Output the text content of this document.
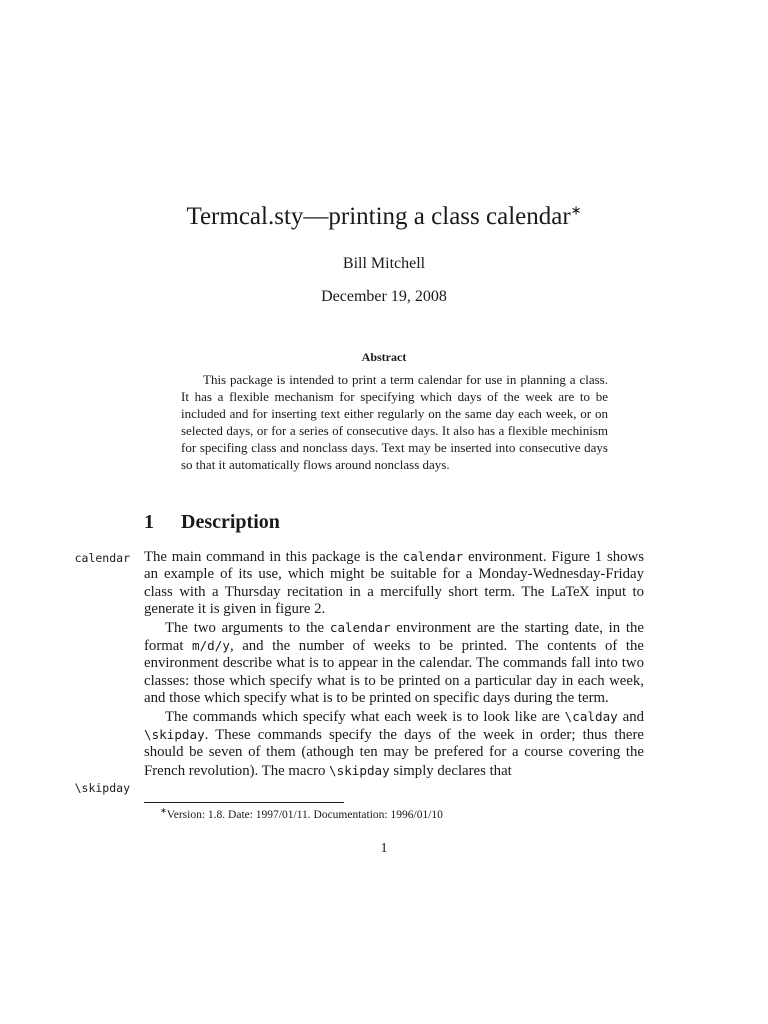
Termcal.sty—printing a class calendar∗
Bill Mitchell
December 19, 2008
Abstract

This package is intended to print a term calendar for use in planning a class. It has a flexible mechanism for specifying which days of the week are to be included and for inserting text either regularly on the same day each week, or on selected days, or for a series of consecutive days. It also has a flexible mechinism for specifing class and nonclass days. Text may be inserted into consecutive days so that it automatically flows around nonclass days.

1 Description
calendar
\skipday

The main command in this package is the calendar environment. Figure 1 shows an example of its use, which might be suitable for a Monday-Wednesday-Friday class with a Thursday recitation in a mercifully short term. The LaTeX input to generate it is given in figure 2.

The two arguments to the calendar environment are the starting date, in the format m/d/y, and the number of weeks to be printed. The contents of the environment describe what is to appear in the calendar. The commands fall into two classes: those which specify what is to be printed on a particular day in each week, and those which specify what is to be printed on specific days during the term.

The commands which specify what each week is to look like are \calday and \skipday. These commands specify the days of the week in order; thus there should be seven of them (athough ten may be prefered for a course covering the French revolution). The macro \skipday simply declares that

∗Version: 1.8. Date: 1997/01/11. Documentation: 1996/01/10
1
